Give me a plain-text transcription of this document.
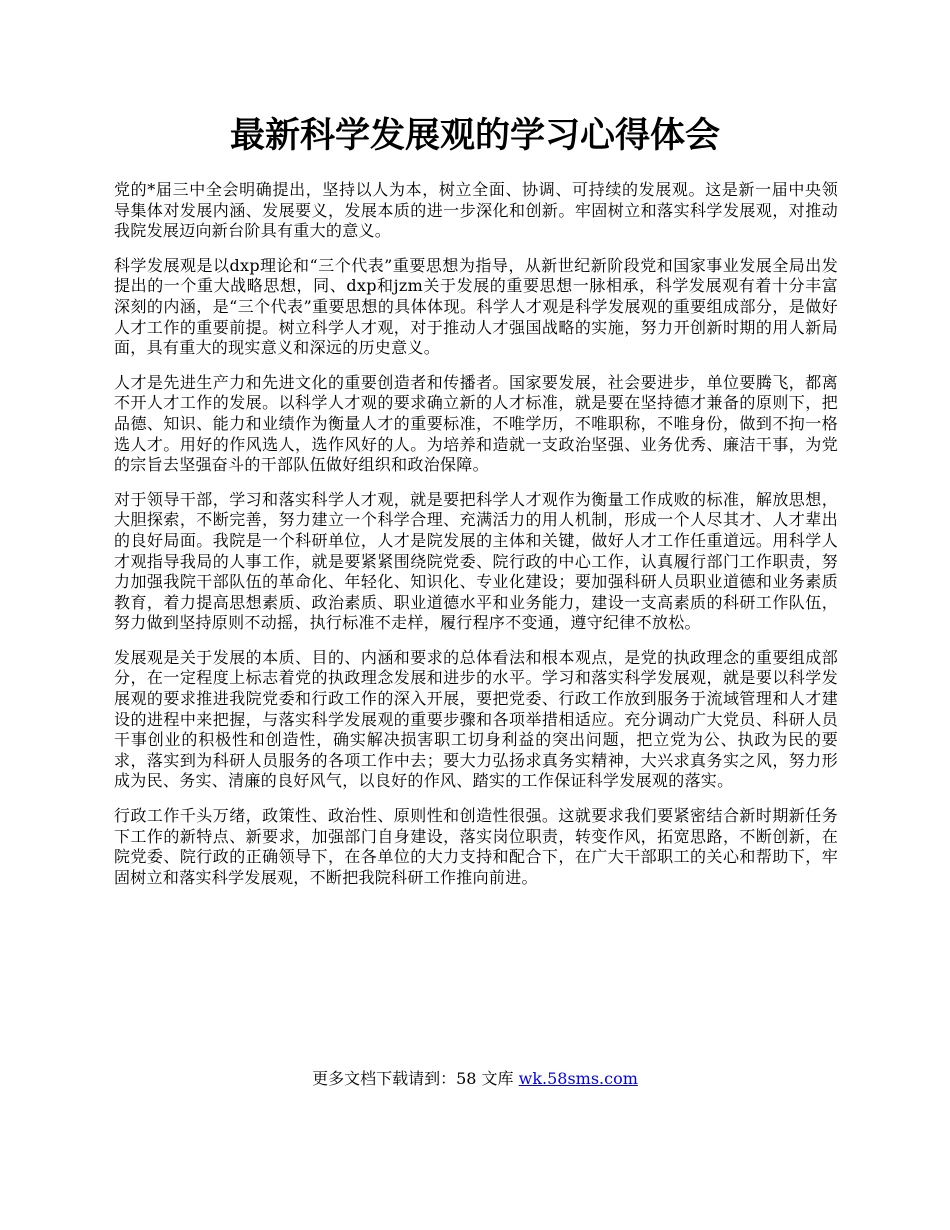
最新科学发展观的学习心得体会

党的*届三中全会明确提出，坚持以人为本，树立全面、协调、可持续的发展观。这是新一届中央领导集体对发展内涵、发展要义，发展本质的进一步深化和创新。牢固树立和落实科学发展观，对推动我院发展迈向新台阶具有重大的意义。

科学发展观是以dxp理论和“三个代表”重要思想为指导，从新世纪新阶段党和国家事业发展全局出发提出的一个重大战略思想，同、dxp和jzm关于发展的重要思想一脉相承，科学发展观有着十分丰富深刻的内涵，是“三个代表”重要思想的具体体现。科学人才观是科学发展观的重要组成部分，是做好人才工作的重要前提。树立科学人才观，对于推动人才强国战略的实施，努力开创新时期的用人新局面，具有重大的现实意义和深远的历史意义。

人才是先进生产力和先进文化的重要创造者和传播者。国家要发展，社会要进步，单位要腾飞，都离不开人才工作的发展。以科学人才观的要求确立新的人才标准，就是要在坚持德才兼备的原则下，把品德、知识、能力和业绩作为衡量人才的重要标准，不唯学历，不唯职称，不唯身份，做到不拘一格选人才。用好的作风选人，选作风好的人。为培养和造就一支政治坚强、业务优秀、廉洁干事，为党的宗旨去坚强奋斗的干部队伍做好组织和政治保障。

对于领导干部，学习和落实科学人才观，就是要把科学人才观作为衡量工作成败的标准，解放思想，大胆探索，不断完善，努力建立一个科学合理、充满活力的用人机制，形成一个人尽其才、人才辈出的良好局面。我院是一个科研单位，人才是院发展的主体和关键，做好人才工作任重道远。用科学人才观指导我局的人事工作，就是要紧紧围绕院党委、院行政的中心工作，认真履行部门工作职责，努力加强我院干部队伍的革命化、年轻化、知识化、专业化建设；要加强科研人员职业道德和业务素质教育，着力提高思想素质、政治素质、职业道德水平和业务能力，建设一支高素质的科研工作队伍，努力做到坚持原则不动摇，执行标准不走样，履行程序不变通，遵守纪律不放松。

发展观是关于发展的本质、目的、内涵和要求的总体看法和根本观点，是党的执政理念的重要组成部分，在一定程度上标志着党的执政理念发展和进步的水平。学习和落实科学发展观，就是要以科学发展观的要求推进我院党委和行政工作的深入开展，要把党委、行政工作放到服务于流域管理和人才建设的进程中来把握，与落实科学发展观的重要步骤和各项举措相适应。充分调动广大党员、科研人员干事创业的积极性和创造性，确实解决损害职工切身利益的突出问题，把立党为公、执政为民的要求，落实到为科研人员服务的各项工作中去；要大力弘扬求真务实精神，大兴求真务实之风，努力形成为民、务实、清廉的良好风气，以良好的作风、踏实的工作保证科学发展观的落实。

行政工作千头万绪，政策性、政治性、原则性和创造性很强。这就要求我们要紧密结合新时期新任务下工作的新特点、新要求，加强部门自身建设，落实岗位职责，转变作风，拓宽思路，不断创新，在院党委、院行政的正确领导下，在各单位的大力支持和配合下，在广大干部职工的关心和帮助下，牢固树立和落实科学发展观，不断把我院科研工作推向前进。

更多文档下载请到：58 文库 wk.58sms.com
